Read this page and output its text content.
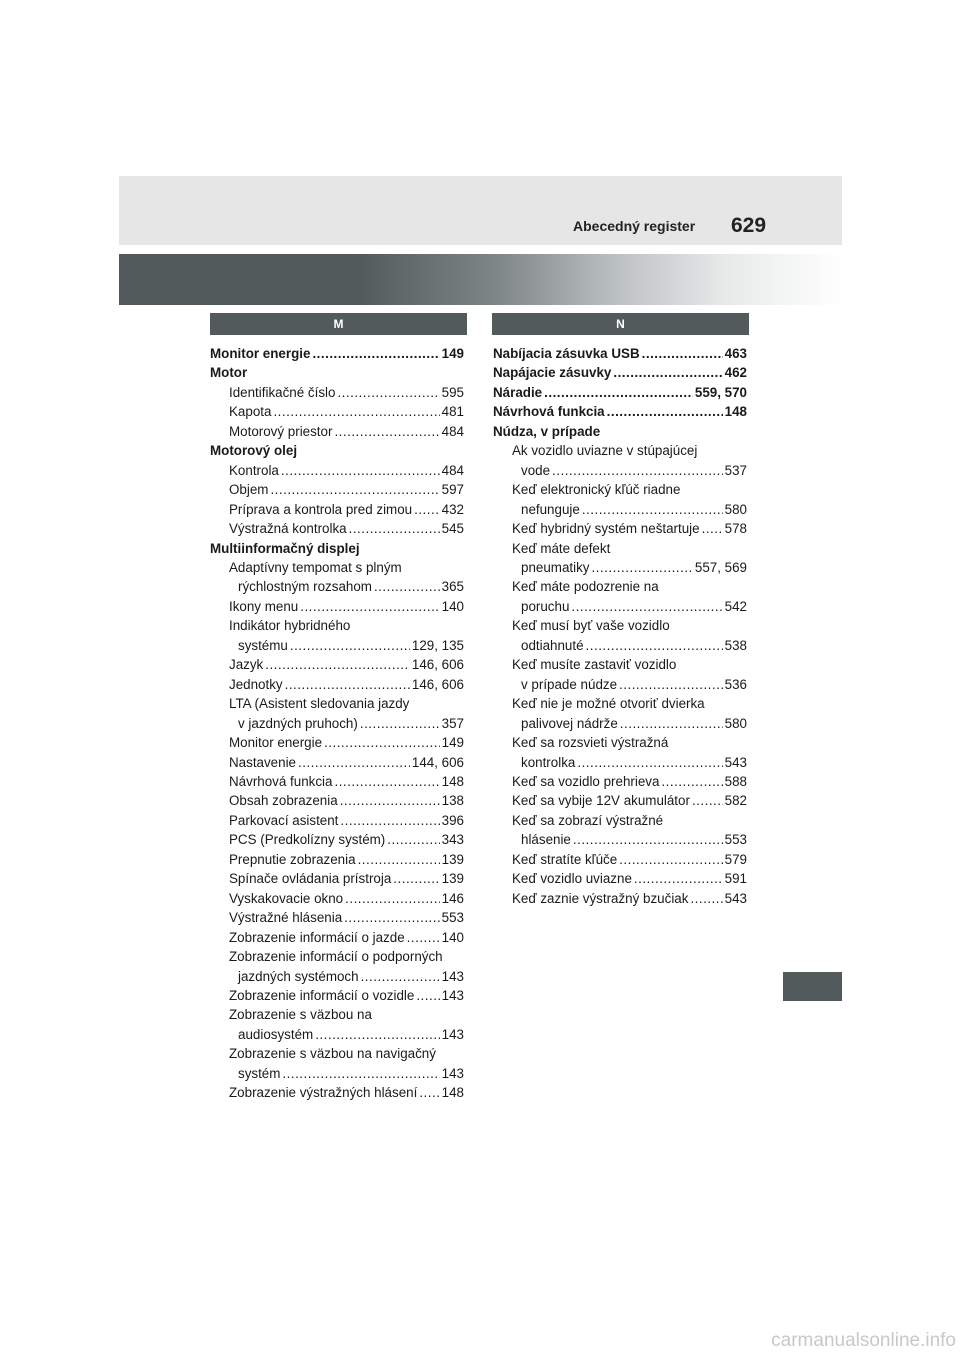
Abecedný register 629
M	N
Monitor energie .....	149
Motor
Identifikačné číslo .....	595
Kapota .....	481
Motorový priestor .....	484
Motorový olej
Kontrola .....	484
Objem .....	597
Príprava a kontrola pred zimou ..... 432
Výstražná kontrolka .....	545
Multiinformačný displej
Adaptívny tempomat s plným
rýchlostným rozsahom .....	365
Ikony menu .....	140
Indikátor hybridného
systému .....	129, 135
Jazyk .....	146, 606
Jednotky .....	146, 606
LTA (Asistent sledovania jazdy
v jazdných pruhoch) .....	357
Monitor energie .....	149
Nastavenie .....	144, 606
Návrhová funkcia .....	148
Obsah zobrazenia .....	138
Parkovací asistent .....	396
PCS (Predkolízny systém) .....	343
Prepnutie zobrazenia .....	139
Spínače ovládania prístroja .....	139
Vyskakovacie okno .....	146
Výstražné hlásenia .....	553
Zobrazenie informácií o jazde .....	140
Zobrazenie informácií o podporných
jazdných systémoch .....	143
Zobrazenie informácií o vozidle ..... 143
Zobrazenie s väzbou na
audiosystém .....	143
Zobrazenie s väzbou na navigačný
systém .....	143
Zobrazenie výstražných hlásení ..... 148
Nabíjacia zásuvka USB .....	463
Napájacie zásuvky .....	462
Náradie .....	559, 570
Návrhová funkcia .....	148
Núdza, v prípade
Ak vozidlo uviazne v stúpajúcej
vode .....	537
Keď elektronický kľúč riadne
nefunguje .....	580
Keď hybridný systém neštartuje ..... 578
Keď máte defekt
pneumatiky .....	557, 569
Keď máte podozrenie na
poruchu .....	542
Keď musí byť vaše vozidlo
odtiahnuté .....	538
Keď musíte zastaviť vozidlo
v prípade núdze .....	536
Keď nie je možné otvoriť dvierka
palivovej nádrže .....	580
Keď sa rozsvieti výstražná
kontrolka .....	543
Keď sa vozidlo prehrieva .....	588
Keď sa vybije 12V akumulátor .....	582
Keď sa zobrazí výstražné
hlásenie .....	553
Keď stratíte kľúče .....	579
Keď vozidlo uviazne .....	591
Keď zaznie výstražný bzučiak .....	543
carmanualsonline.info
